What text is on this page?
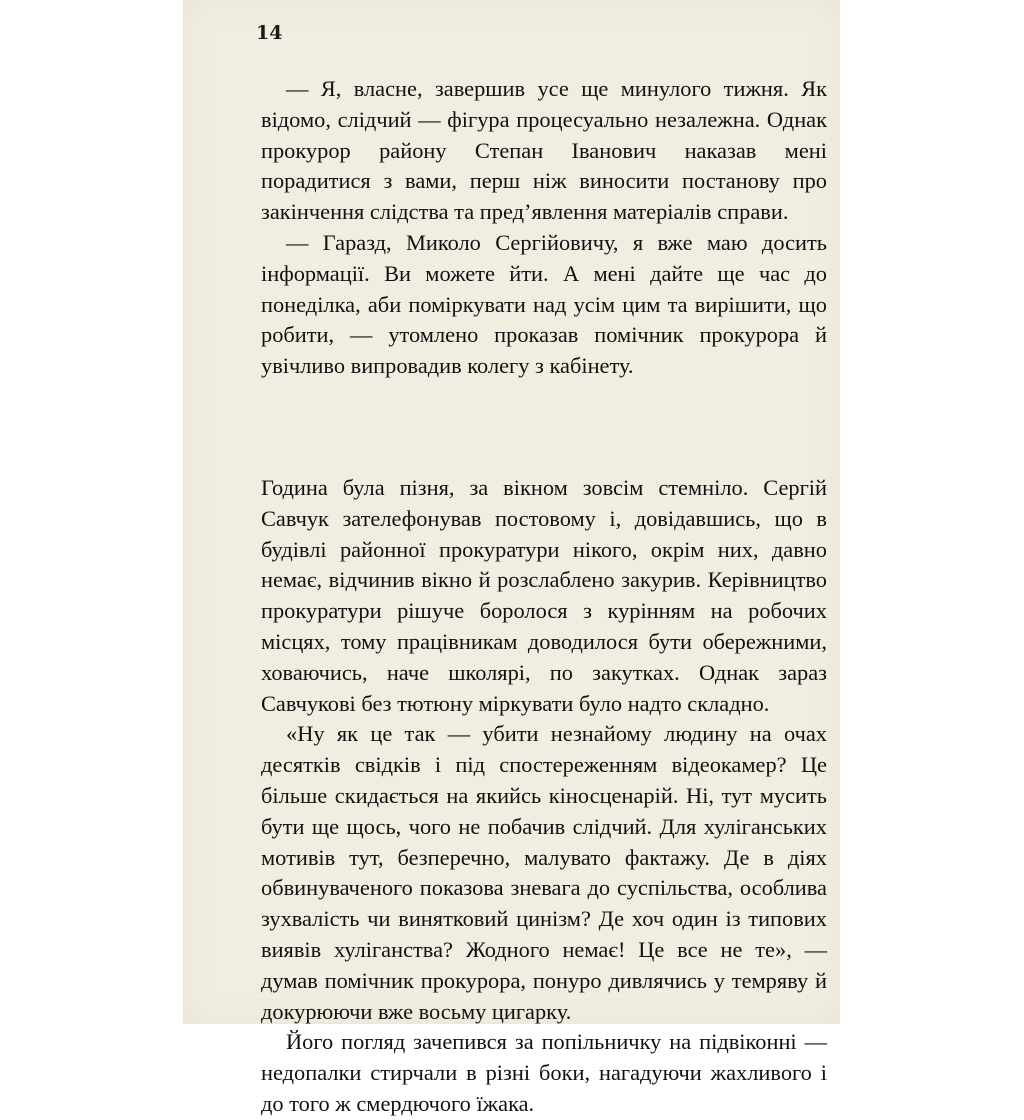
14

— Я, власне, завершив усе ще минулого тижня. Як відомо, слідчий — фігура процесуально незалежна. Однак прокурор району Степан Іванович наказав мені порадитися з вами, перш ніж виносити постанову про закінчення слідства та пред’явлення матеріалів справи.

— Гаразд, Миколо Сергійовичу, я вже маю досить інформації. Ви можете йти. А мені дайте ще час до понеділка, аби поміркувати над усім цим та вирішити, що робити, — утомлено проказав помічник прокурора й увічливо випровадив колегу з кабінету.

Година була пізня, за вікном зовсім стемніло. Сергій Савчук зателефонував постовому і, довідавшись, що в будівлі районної прокуратури нікого, окрім них, давно немає, відчинив вікно й розслаблено закурив. Керівництво прокуратури рішуче боролося з курінням на робочих місцях, тому працівникам доводилося бути обережними, ховаючись, наче школярі, по закутках. Однак зараз Савчукові без тютюну міркувати було надто складно.

«Ну як це так — убити незнайому людину на очах десятків свідків і під спостереженням відеокамер? Це більше скидається на якийсь кіносценарій. Ні, тут мусить бути ще щось, чого не побачив слідчий. Для хуліганських мотивів тут, безперечно, малувато фактажу. Де в діях обвинуваченого показова зневага до суспільства, особлива зухвалість чи винятковий цинізм? Де хоч один із типових виявів хуліганства? Жодного немає! Це все не те», — думав помічник прокурора, понуро дивлячись у темряву й докурюючи вже восьму цигарку.

Його погляд зачепився за попільничку на підвіконні — недопалки стирчали в різні боки, нагадуючи жахливого і до того ж смердючого їжака.
